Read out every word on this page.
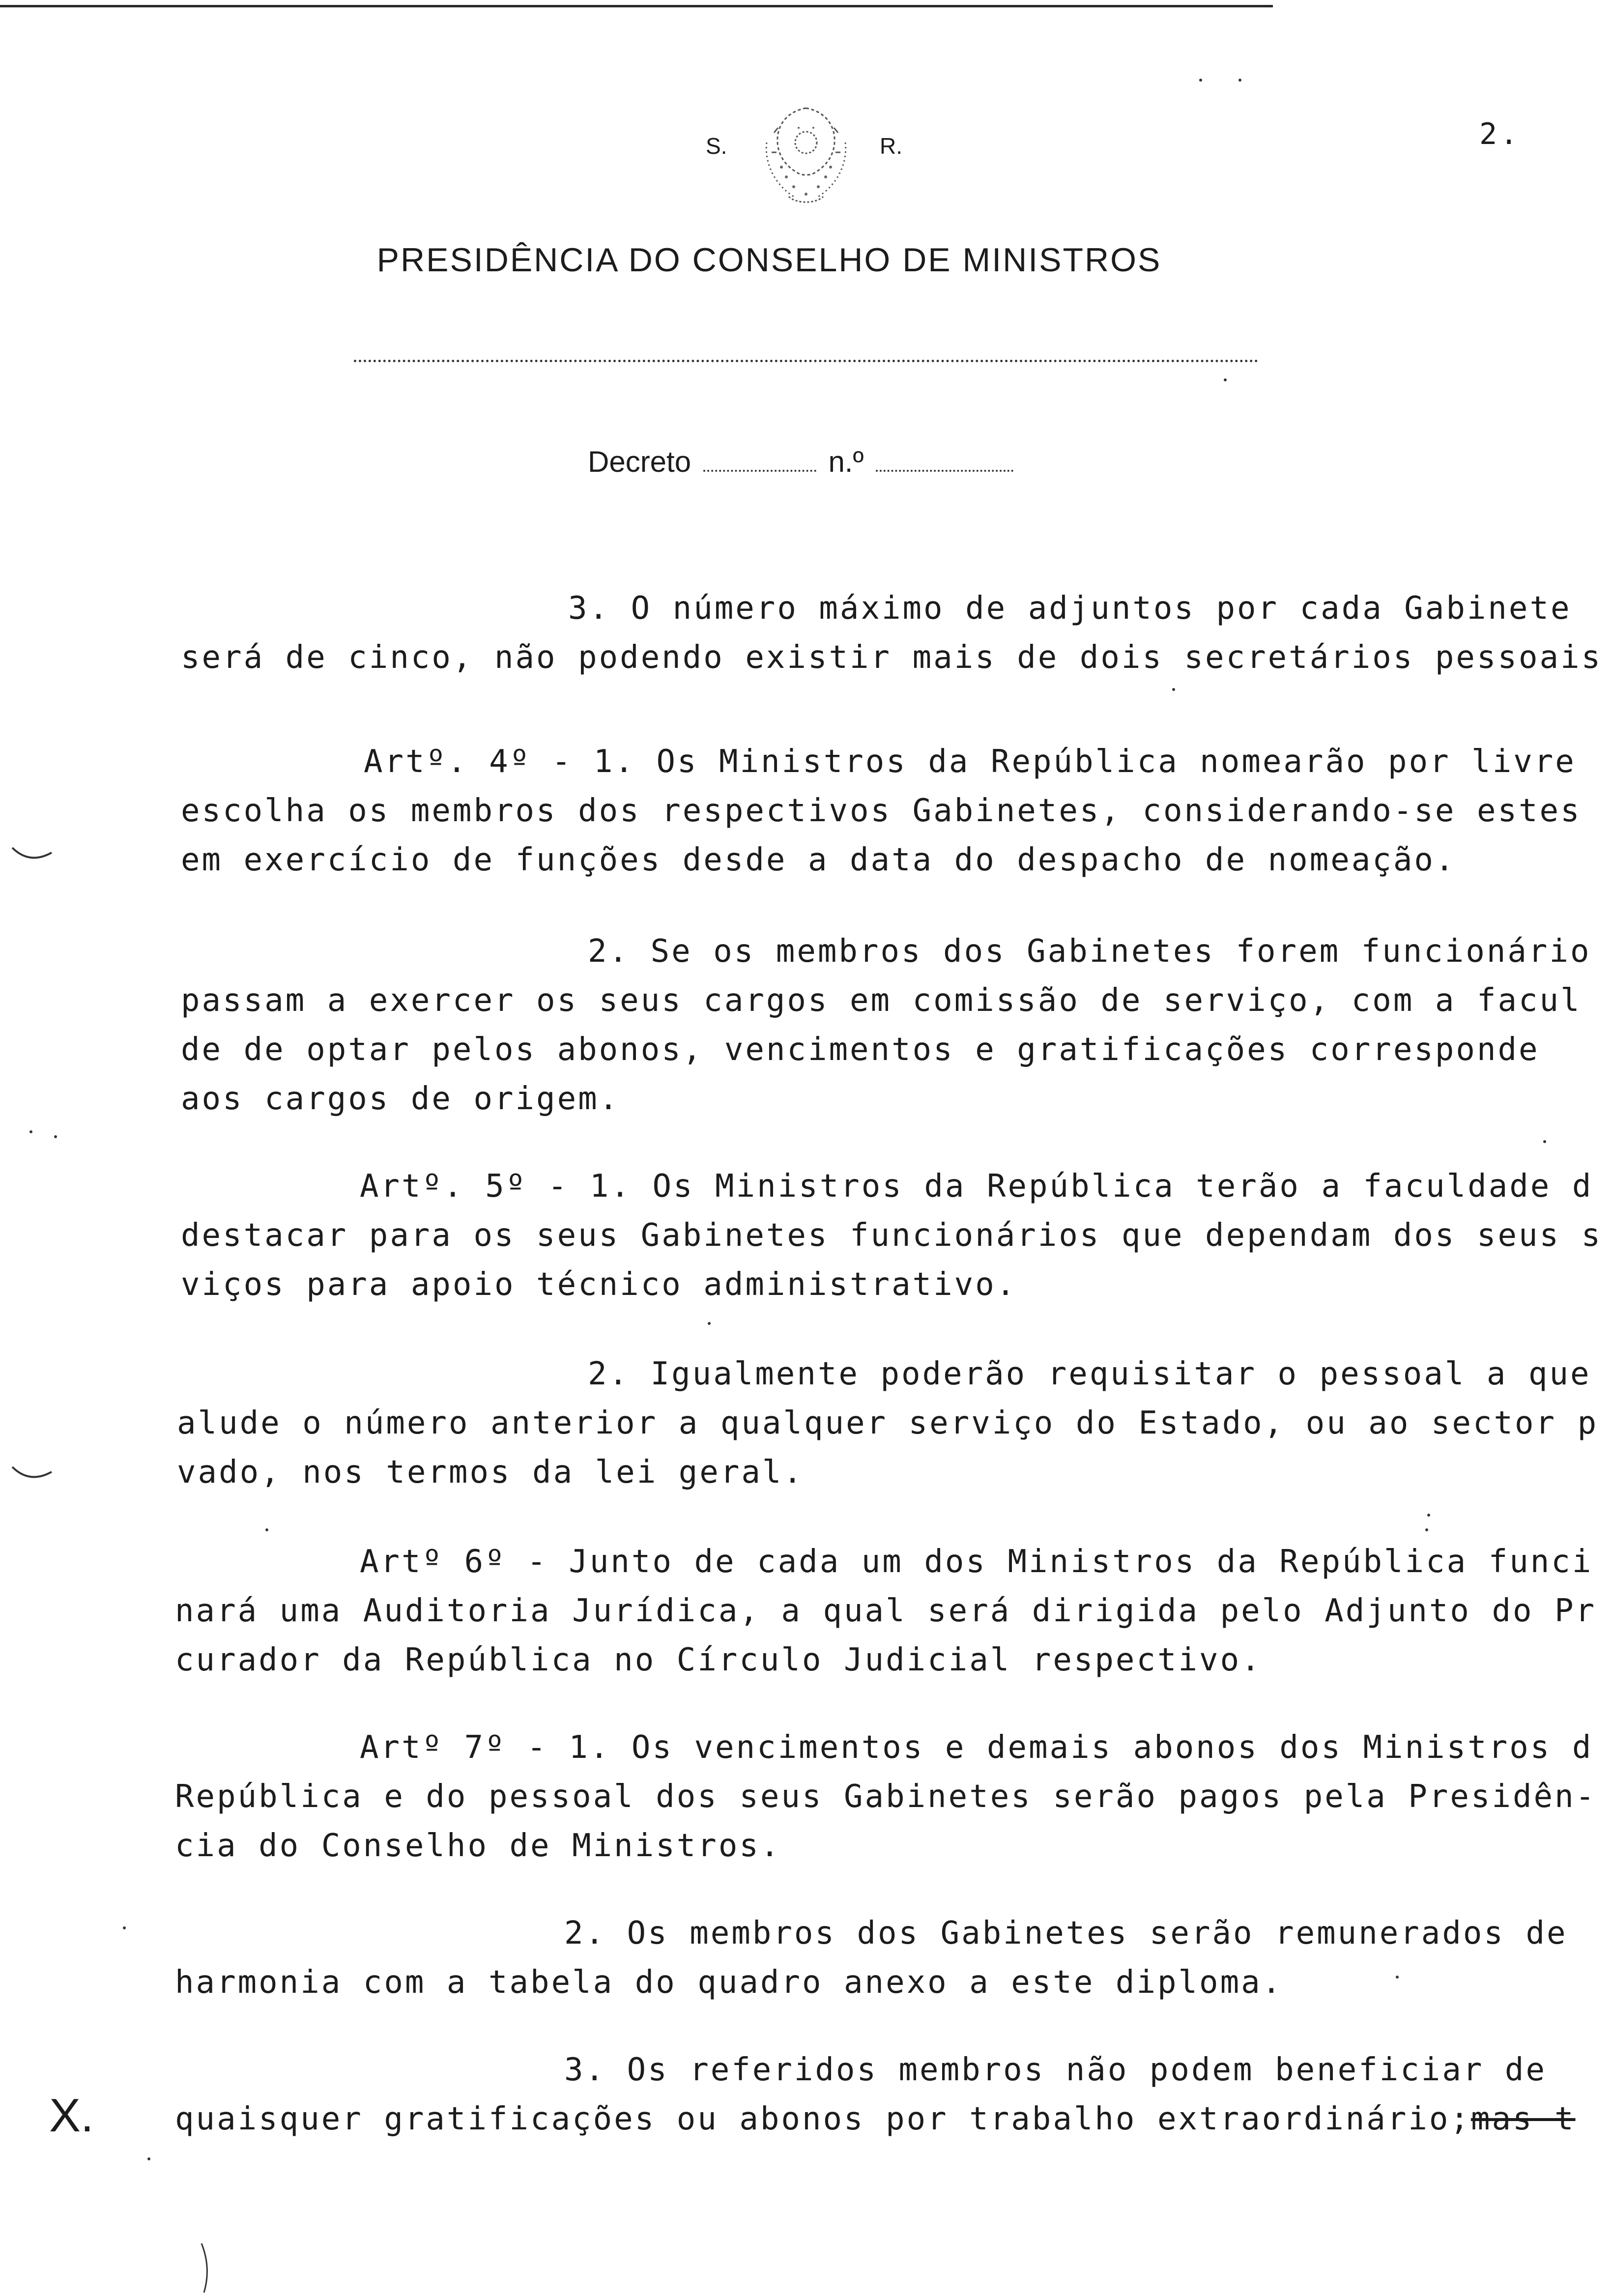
2.
S.	R.
PRESIDÊNCIA DO CONSELHO DE MINISTROS
Decreto	n.º
3. O número máximo de adjuntos por cada Gabinete
será de cinco, não podendo existir mais de dois secretários pessoais
Artº. 4º - 1. Os Ministros da República nomearão por livre
escolha os membros dos respectivos Gabinetes, considerando-se estes
em exercício de funções desde a data do despacho de nomeação.
2. Se os membros dos Gabinetes forem funcionário
passam a exercer os seus cargos em comissão de serviço, com a facul
de de optar pelos abonos, vencimentos e gratificações corresponde
aos cargos de origem.
Artº. 5º - 1. Os Ministros da República terão a faculdade d
destacar para os seus Gabinetes funcionários que dependam dos seus s
viços para apoio técnico administrativo.
2. Igualmente poderão requisitar o pessoal a que
alude o número anterior a qualquer serviço do Estado, ou ao sector p
vado, nos termos da lei geral.
Artº 6º - Junto de cada um dos Ministros da República funci
nará uma Auditoria Jurídica, a qual será dirigida pelo Adjunto do Pr
curador da República no Círculo Judicial respectivo.
Artº 7º - 1. Os vencimentos e demais abonos dos Ministros d
República e do pessoal dos seus Gabinetes serão pagos pela Presidên-
cia do Conselho de Ministros.
2. Os membros dos Gabinetes serão remunerados de
harmonia com a tabela do quadro anexo a este diploma.
3. Os referidos membros não podem beneficiar de
quaisquer gratificações ou abonos por trabalho extraordinário;mas t
X.
